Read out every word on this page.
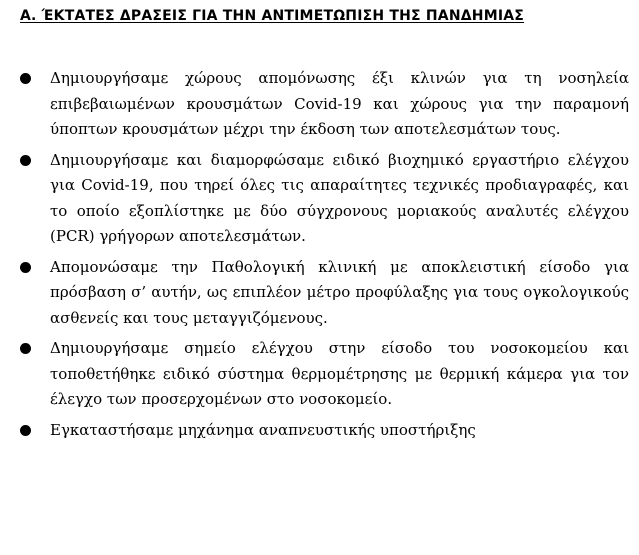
Α. ΈΚΤΑΤΕΣ ΔΡΑΣΕΙΣ ΓΙΑ ΤΗΝ ΑΝΤΙΜΕΤΩΠΙΣΗ ΤΗΣ ΠΑΝΔΗΜΙΑΣ
Δημιουργήσαμε χώρους απομόνωσης έξι κλινών για τη νοσηλεία επιβεβαιωμένων κρουσμάτων Covid-19 και χώρους για την παραμονή ύποπτων κρουσμάτων μέχρι την έκδοση των αποτελεσμάτων τους.
Δημιουργήσαμε και διαμορφώσαμε ειδικό βιοχημικό εργαστήριο ελέγχου για Covid-19, που τηρεί όλες τις απαραίτητες τεχνικές προδιαγραφές, και το οποίο εξοπλίστηκε με δύο σύγχρονους μοριακούς αναλυτές ελέγχου (PCR) γρήγορων αποτελεσμάτων.
Απομονώσαμε την Παθολογική κλινική με αποκλειστική είσοδο για πρόσβαση σ’ αυτήν, ως επιπλέον μέτρο προφύλαξης για τους ογκολογικούς ασθενείς και τους μεταγγιζόμενους.
Δημιουργήσαμε σημείο ελέγχου στην είσοδο του νοσοκομείου και τοποθετήθηκε ειδικό σύστημα θερμομέτρησης με θερμική κάμερα για τον έλεγχο των προσερχομένων στο νοσοκομείο.
Εγκαταστήσαμε μηχάνημα αναπνευστικής υποστήριξης
